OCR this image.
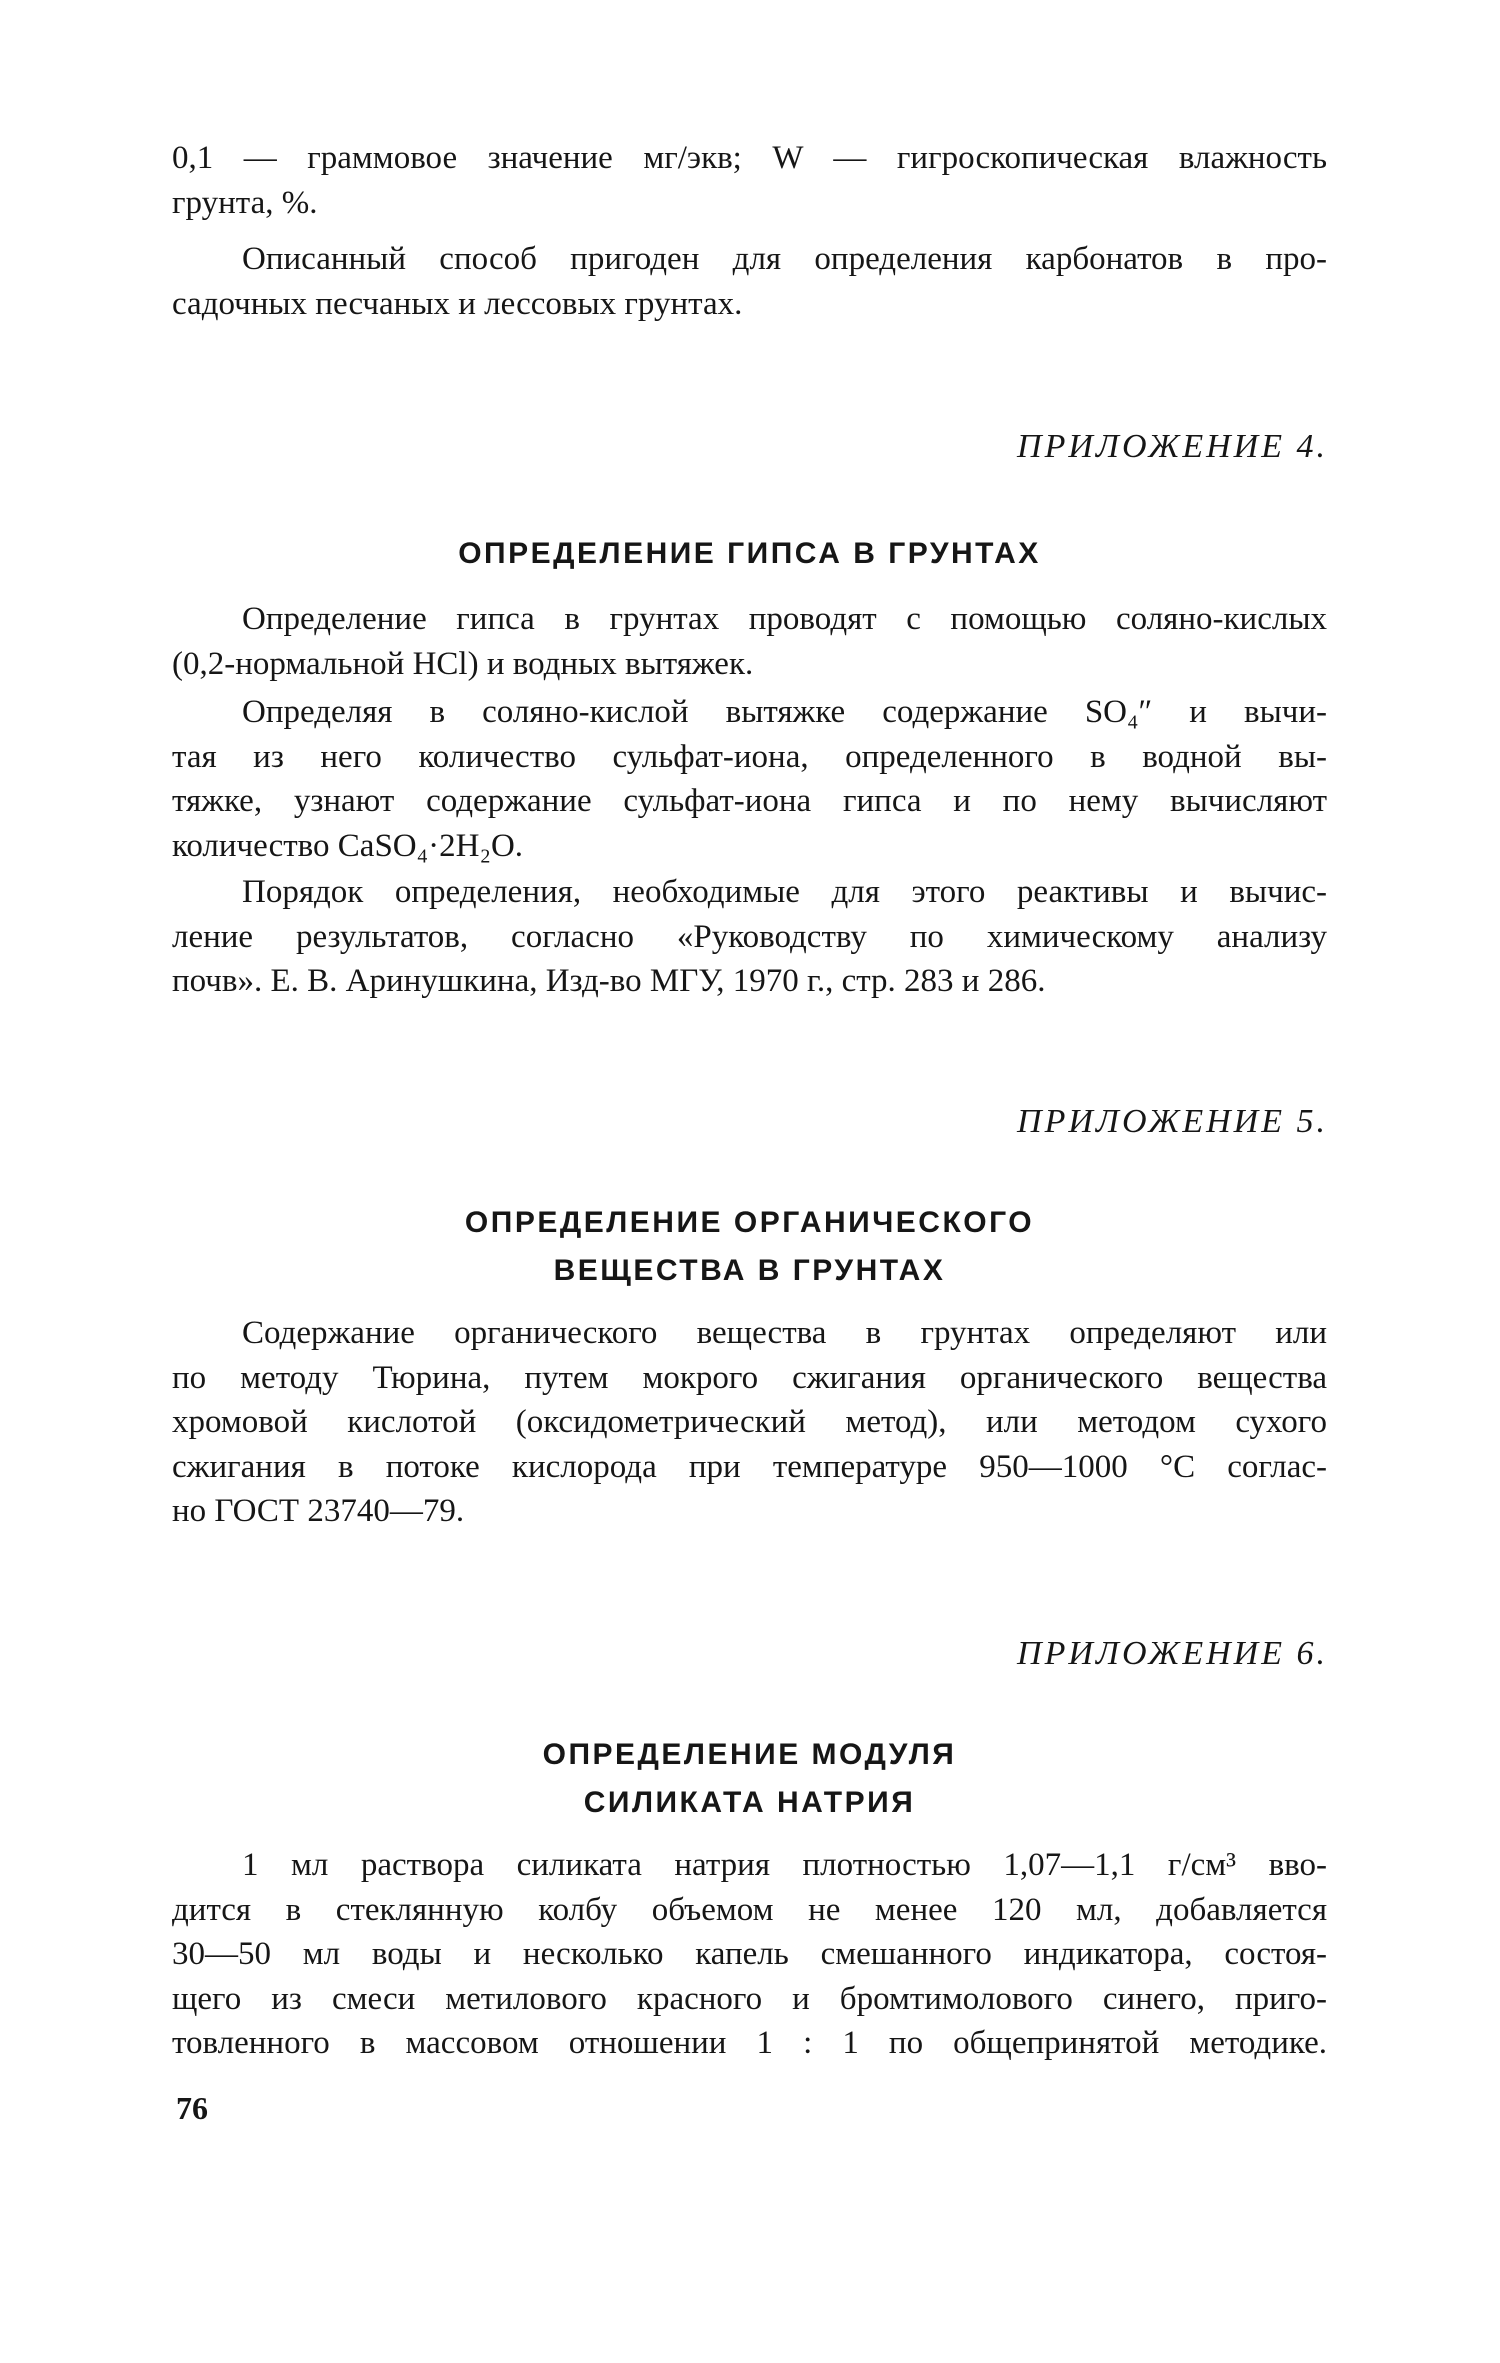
0,1 — граммовое значение мг/экв; W — гигроскопическая влажность
грунта, %.
Описанный способ пригоден для определения карбонатов в про-
садочных песчаных и лессовых грунтах.
ПРИЛОЖЕНИЕ 4.
ОПРЕДЕЛЕНИЕ ГИПСА В ГРУНТАХ
Определение гипса в грунтах проводят с помощью соляно-кислых
(0,2-нормальной HCl) и водных вытяжек.
Определяя в соляно-кислой вытяжке содержание SO₄″ и вычи-
тая из него количество сульфат-иона, определенного в водной вы-
тяжке, узнают содержание сульфат-иона гипса и по нему вычисляют
количество CaSO₄·2H₂O.
Порядок определения, необходимые для этого реактивы и вычис-
ление результатов, согласно «Руководству по химическому анализу
почв». Е. В. Аринушкина, Изд-во МГУ, 1970 г., стр. 283 и 286.
ПРИЛОЖЕНИЕ 5.
ОПРЕДЕЛЕНИЕ ОРГАНИЧЕСКОГО
ВЕЩЕСТВА В ГРУНТАХ
Содержание органического вещества в грунтах определяют или
по методу Тюрина, путем мокрого сжигания органического вещества
хромовой кислотой (оксидометрический метод), или методом сухого
сжигания в потоке кислорода при температуре 950—1000 °С соглас-
но ГОСТ 23740—79.
ПРИЛОЖЕНИЕ 6.
ОПРЕДЕЛЕНИЕ МОДУЛЯ
СИЛИКАТА НАТРИЯ
1 мл раствора силиката натрия плотностью 1,07—1,1 г/см³ вво-
дится в стеклянную колбу объемом не менее 120 мл, добавляется
30—50 мл воды и несколько капель смешанного индикатора, состоя-
щего из смеси метилового красного и бромтимолового синего, приго-
товленного в массовом отношении 1 : 1 по общепринятой методике.
76
